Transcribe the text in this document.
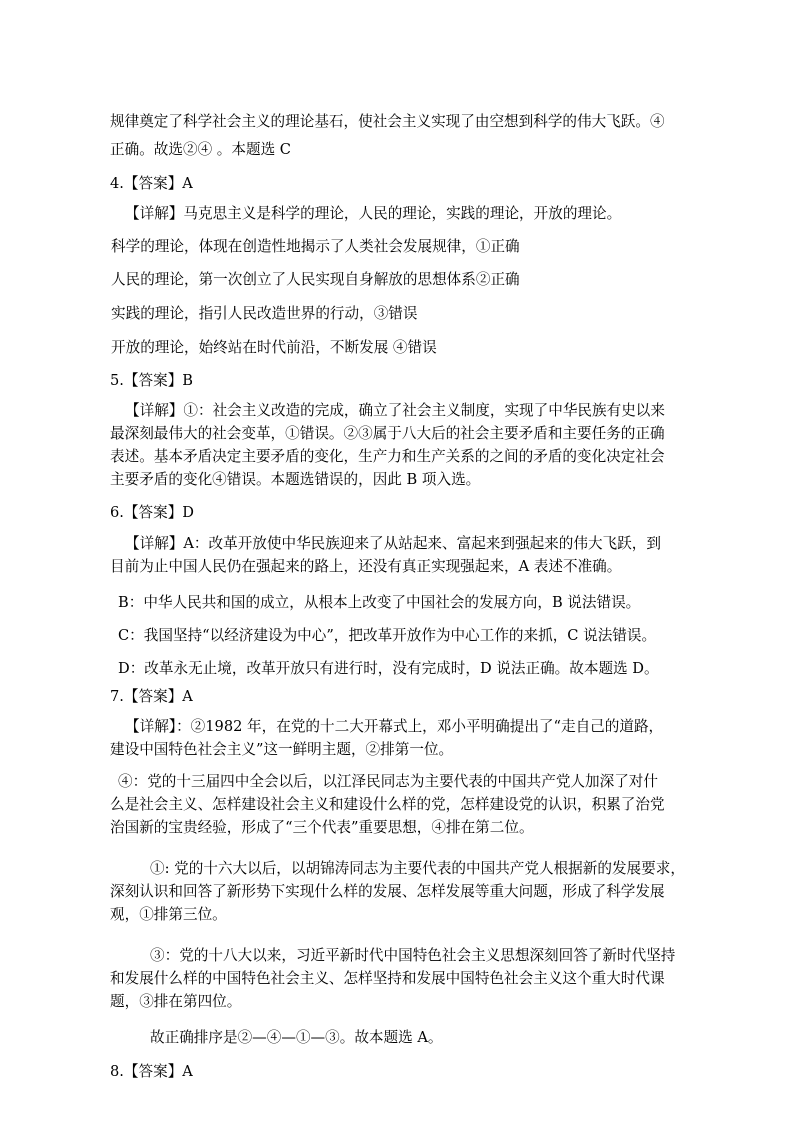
规律奠定了科学社会主义的理论基石，使社会主义实现了由空想到科学的伟大飞跃。④
正确。故选②④ 。本题选 C
4.【答案】A
【详解】马克思主义是科学的理论，人民的理论，实践的理论，开放的理论。
科学的理论，体现在创造性地揭示了人类社会发展规律，①正确
人民的理论，第一次创立了人民实现自身解放的思想体系②正确
实践的理论，指引人民改造世界的行动，③错误
开放的理论，始终站在时代前沿，不断发展 ④错误
5.【答案】B
【详解】①：社会主义改造的完成，确立了社会主义制度，实现了中华民族有史以来
最深刻最伟大的社会变革，①错误。②③属于八大后的社会主要矛盾和主要任务的正确
表述。基本矛盾决定主要矛盾的变化，生产力和生产关系的之间的矛盾的变化决定社会
主要矛盾的变化④错误。本题选错误的，因此 B 项入选。
6.【答案】D
【详解】A：改革开放使中华民族迎来了从站起来、富起来到强起来的伟大飞跃，到
目前为止中国人民仍在强起来的路上，还没有真正实现强起来，A 表述不准确。
B：中华人民共和国的成立，从根本上改变了中国社会的发展方向，B 说法错误。
C：我国坚持“以经济建设为中心”，把改革开放作为中心工作的来抓，C 说法错误。
D：改革永无止境，改革开放只有进行时，没有完成时，D 说法正确。故本题选 D。
7.【答案】A
【详解】：②1982 年，在党的十二大开幕式上，邓小平明确提出了“走自己的道路，
建设中国特色社会主义”这一鲜明主题，②排第一位。
④：党的十三届四中全会以后，以江泽民同志为主要代表的中国共产党人加深了对什
么是社会主义、怎样建设社会主义和建设什么样的党，怎样建设党的认识，积累了治党
治国新的宝贵经验，形成了“三个代表”重要思想，④排在第二位。
①: 党的十六大以后，以胡锦涛同志为主要代表的中国共产党人根据新的发展要求，
深刻认识和回答了新形势下实现什么样的发展、怎样发展等重大问题，形成了科学发展
观，①排第三位。
③：党的十八大以来，习近平新时代中国特色社会主义思想深刻回答了新时代坚持
和发展什么样的中国特色社会主义、怎样坚持和发展中国特色社会主义这个重大时代课
题，③排在第四位。
故正确排序是②—④—①—③。故本题选 A。
8.【答案】A
